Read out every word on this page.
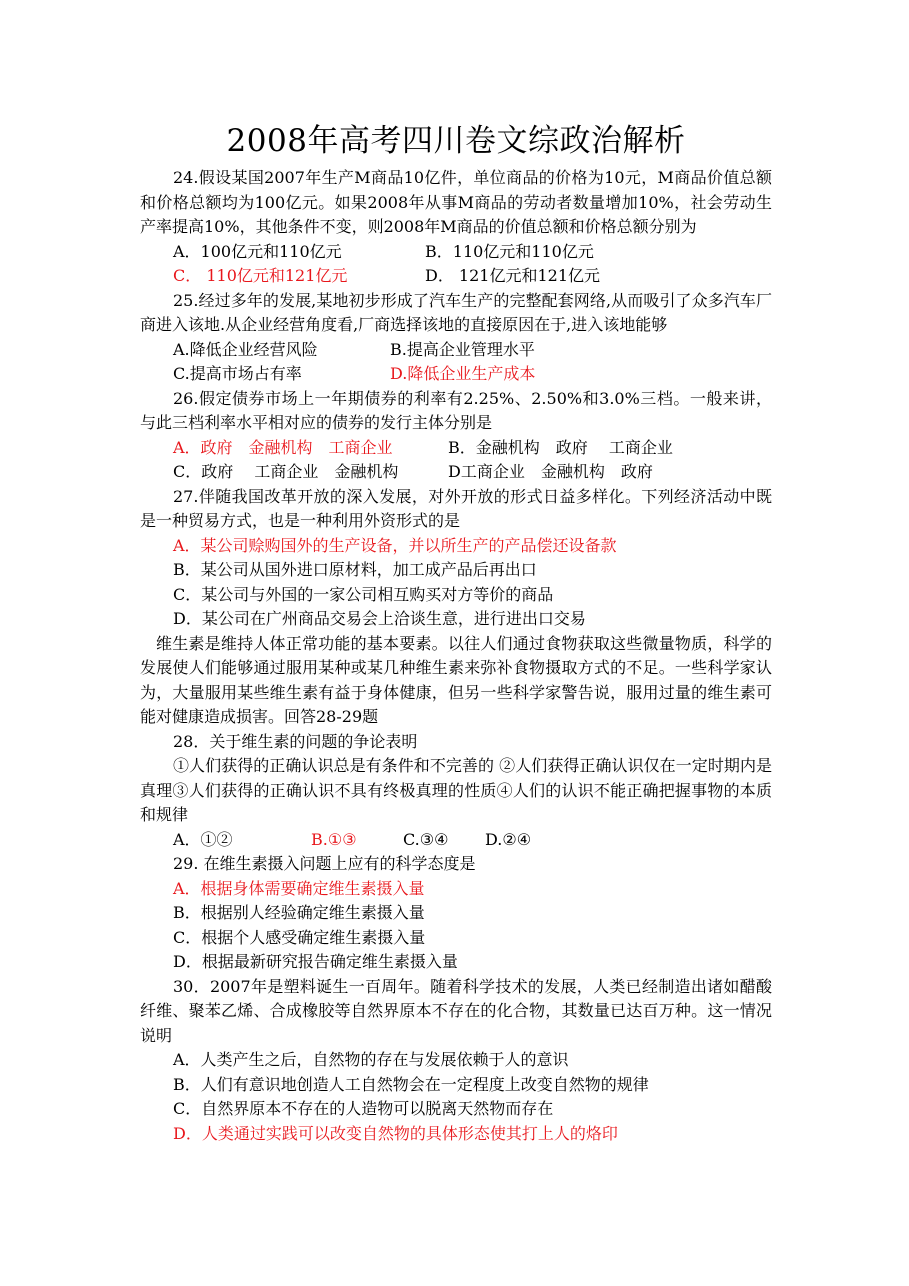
2008年高考四川卷文综政治解析

24.假设某国2007年生产M商品10亿件，单位商品的价格为10元，M商品价值总额和价格总额均为100亿元。如果2008年从事M商品的劳动者数量增加10%，社会劳动生产率提高10%，其他条件不变，则2008年M商品的价值总额和价格总额分别为

A．100亿元和110亿元	B．110亿元和110亿元
C． 110亿元和121亿元	D． 121亿元和121亿元

25.经过多年的发展,某地初步形成了汽车生产的完整配套网络,从而吸引了众多汽车厂商进入该地.从企业经营角度看,厂商选择该地的直接原因在于,进入该地能够

A.降低企业经营风险	B.提高企业管理水平
C.提高市场占有率	D.降低企业生产成本

26.假定债券市场上一年期债券的利率有2.25%、2.50%和3.0%三档。一般来讲，与此三档利率水平相对应的债券的发行主体分别是

A．政府　金融机构　工商企业	B．金融机构　政府　 工商企业
C．政府　 工商企业　金融机构	D工商企业　金融机构　政府

27.伴随我国改革开放的深入发展，对外开放的形式日益多样化。下列经济活动中既是一种贸易方式，也是一种利用外资形式的是

A．某公司赊购国外的生产设备，并以所生产的产品偿还设备款

B．某公司从国外进口原材料，加工成产品后再出口

C．某公司与外国的一家公司相互购买对方等价的商品

D．某公司在广州商品交易会上洽谈生意，进行进出口交易

维生素是维持人体正常功能的基本要素。以往人们通过食物获取这些微量物质，科学的发展使人们能够通过服用某种或某几种维生素来弥补食物摄取方式的不足。一些科学家认为，大量服用某些维生素有益于身体健康，但另一些科学家警告说，服用过量的维生素可能对健康造成损害。回答28-29题

28．关于维生素的问题的争论表明

①人们获得的正确认识总是有条件和不完善的 ②人们获得正确认识仅在一定时期内是真理③人们获得的正确认识不具有终极真理的性质④人们的认识不能正确把握事物的本质和规律

A．①②	B.①③	C.③④	D.②④

29. 在维生素摄入问题上应有的科学态度是

A．根据身体需要确定维生素摄入量

B．根据别人经验确定维生素摄入量

C．根据个人感受确定维生素摄入量

D．根据最新研究报告确定维生素摄入量

30．2007年是塑料诞生一百周年。随着科学技术的发展，人类已经制造出诸如醋酸纤维、聚苯乙烯、合成橡胶等自然界原本不存在的化合物，其数量已达百万种。这一情况说明

A．人类产生之后，自然物的存在与发展依赖于人的意识

B．人们有意识地创造人工自然物会在一定程度上改变自然物的规律

C．自然界原本不存在的人造物可以脱离天然物而存在

D．人类通过实践可以改变自然物的具体形态使其打上人的烙印
